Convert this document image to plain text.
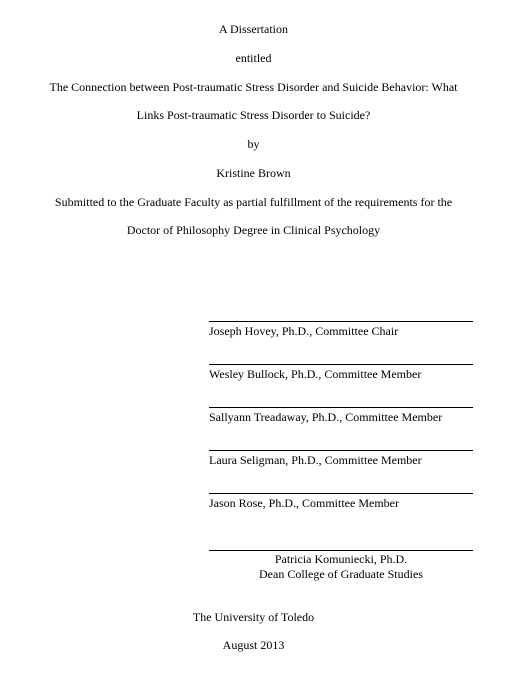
A Dissertation
entitled
The Connection between Post-traumatic Stress Disorder and Suicide Behavior: What
Links Post-traumatic Stress Disorder to Suicide?
by
Kristine Brown
Submitted to the Graduate Faculty as partial fulfillment of the requirements for the
Doctor of Philosophy Degree in Clinical Psychology
Joseph Hovey, Ph.D., Committee Chair
Wesley Bullock, Ph.D., Committee Member
Sallyann Treadaway, Ph.D., Committee Member
Laura Seligman, Ph.D., Committee Member
Jason Rose, Ph.D., Committee Member
Patricia Komuniecki, Ph.D.
Dean College of Graduate Studies
The University of Toledo
August 2013
